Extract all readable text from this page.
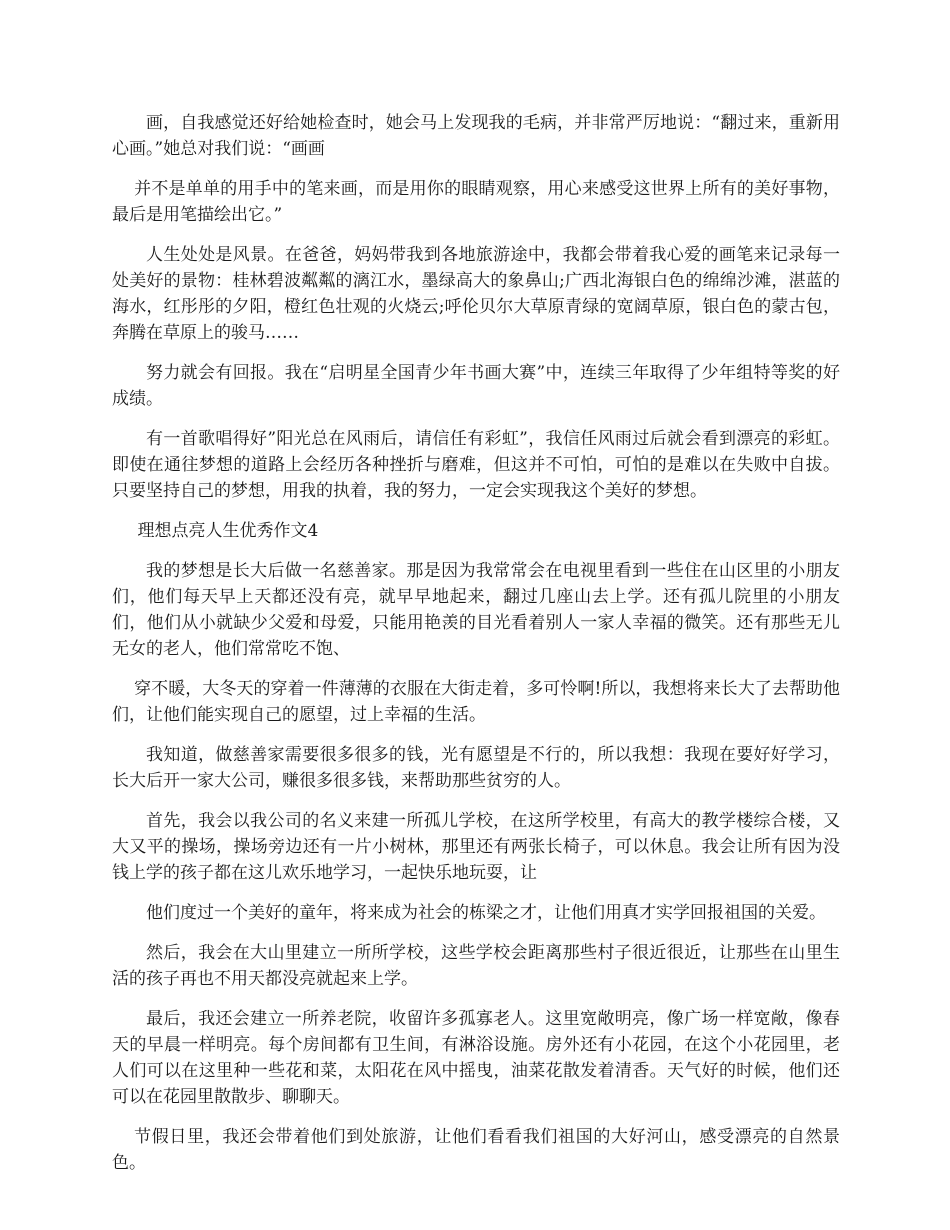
画，自我感觉还好给她检查时，她会马上发现我的毛病，并非常严厉地说：“翻过来，重新用心画。”她总对我们说：“画画

并不是单单的用手中的笔来画，而是用你的眼睛观察，用心来感受这世界上所有的美好事物，最后是用笔描绘出它。”

人生处处是风景。在爸爸，妈妈带我到各地旅游途中，我都会带着我心爱的画笔来记录每一处美好的景物：桂林碧波粼粼的漓江水，墨绿高大的象鼻山;广西北海银白色的绵绵沙滩，湛蓝的海水，红彤彤的夕阳，橙红色壮观的火烧云;呼伦贝尔大草原青绿的宽阔草原，银白色的蒙古包，奔腾在草原上的骏马……

努力就会有回报。我在“启明星全国青少年书画大赛”中，连续三年取得了少年组特等奖的好成绩。

有一首歌唱得好”阳光总在风雨后，请信任有彩虹”，我信任风雨过后就会看到漂亮的彩虹。即使在通往梦想的道路上会经历各种挫折与磨难，但这并不可怕，可怕的是难以在失败中自拔。只要坚持自己的梦想，用我的执着，我的努力，一定会实现我这个美好的梦想。

理想点亮人生优秀作文4

我的梦想是长大后做一名慈善家。那是因为我常常会在电视里看到一些住在山区里的小朋友们，他们每天早上天都还没有亮，就早早地起来，翻过几座山去上学。还有孤儿院里的小朋友们，他们从小就缺少父爱和母爱，只能用艳羡的目光看着别人一家人幸福的微笑。还有那些无儿无女的老人，他们常常吃不饱、

穿不暖，大冬天的穿着一件薄薄的衣服在大街走着，多可怜啊!所以，我想将来长大了去帮助他们，让他们能实现自己的愿望，过上幸福的生活。

我知道，做慈善家需要很多很多的钱，光有愿望是不行的，所以我想：我现在要好好学习，长大后开一家大公司，赚很多很多钱，来帮助那些贫穷的人。

首先，我会以我公司的名义来建一所孤儿学校，在这所学校里，有高大的教学楼综合楼，又大又平的操场，操场旁边还有一片小树林，那里还有两张长椅子，可以休息。我会让所有因为没钱上学的孩子都在这儿欢乐地学习，一起快乐地玩耍，让

他们度过一个美好的童年，将来成为社会的栋梁之才，让他们用真才实学回报祖国的关爱。

然后，我会在大山里建立一所所学校，这些学校会距离那些村子很近很近，让那些在山里生活的孩子再也不用天都没亮就起来上学。

最后，我还会建立一所养老院，收留许多孤寡老人。这里宽敞明亮，像广场一样宽敞，像春天的早晨一样明亮。每个房间都有卫生间，有淋浴设施。房外还有小花园，在这个小花园里，老人们可以在这里种一些花和菜，太阳花在风中摇曳，油菜花散发着清香。天气好的时候，他们还可以在花园里散散步、聊聊天。

节假日里，我还会带着他们到处旅游，让他们看看我们祖国的大好河山，感受漂亮的自然景色。
